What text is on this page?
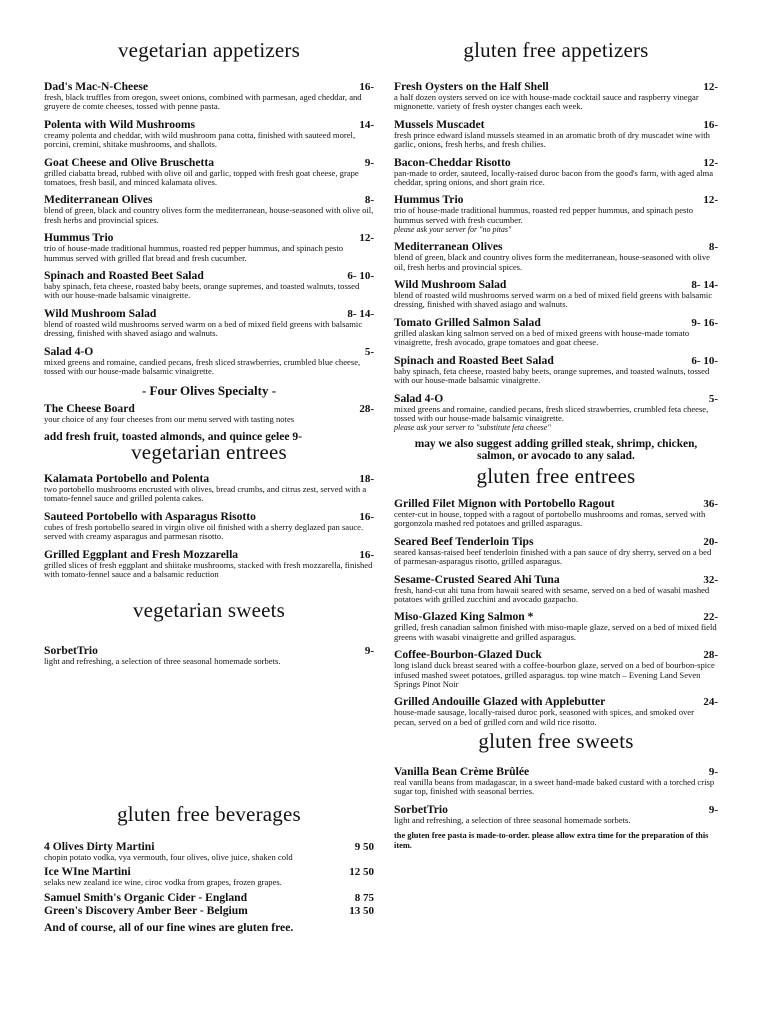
vegetarian appetizers
Dad's Mac-N-Cheese	16-
fresh, black truffles from oregon, sweet onions, combined with parmesan, aged cheddar, and gruyere de comte cheeses, tossed with penne pasta.
Polenta with Wild Mushrooms	14-
creamy polenta and cheddar, with wild mushroom pana cotta, finished with sauteed morel, porcini, cremini, shitake mushrooms, and shallots.
Goat Cheese and Olive Bruschetta	9-
grilled ciabatta bread, rubbed with olive oil and garlic, topped with fresh goat cheese, grape tomatoes, fresh basil, and minced kalamata olives.
Mediterranean Olives	8-
blend of green, black and country olives form the mediterranean, house-seasoned with olive oil, fresh herbs and provincial spices.
Hummus Trio	12-
trio of house-made traditional hummus, roasted red pepper hummus, and spinach pesto hummus served with grilled flat bread and fresh cucumber.
Spinach and Roasted Beet Salad	6- 10-
baby spinach, feta cheese, roasted baby beets, orange supremes, and toasted walnuts, tossed with our house-made balsamic vinaigrette.
Wild Mushroom Salad	8- 14-
blend of roasted wild mushrooms served warm on a bed of mixed field greens with balsamic dressing, finished with shaved asiago and walnuts.
Salad 4-O	5-
mixed greens and romaine, candied pecans, fresh sliced strawberries, crumbled blue cheese, tossed with our house-made balsamic vinaigrette.
- Four Olives Specialty -
The Cheese Board	28-
your choice of any four cheeses from our menu served with tasting notes
add fresh fruit, toasted almonds, and quince gelee 9-
vegetarian entrees
Kalamata Portobello and Polenta	18-
two portobello mushrooms encrusted with olives, bread crumbs, and citrus zest, served with a tomato-fennel sauce and grilled polenta cakes.
Sauteed Portobello with Asparagus Risotto	16-
cubes of fresh portobello seared in virgin olive oil finished with a sherry deglazed pan sauce. served with creamy asparagus and parmesan risotto.
Grilled Eggplant and Fresh Mozzarella	16-
grilled slices of fresh eggplant and shiitake mushrooms, stacked with fresh mozzarella, finished with tomato-fennel sauce and a balsamic reduction
vegetarian sweets
SorbetTrio	9-
light and refreshing, a selection of three seasonal homemade sorbets.
gluten free beverages
4 Olives Dirty Martini	9 50
chopin potato vodka, vya vermouth, four olives, olive juice, shaken cold
Ice WIne Martini	12 50
selaks new zealand ice wine, ciroc vodka from grapes, frozen grapes.
Samuel Smith's Organic Cider - England	8 75
Green's Discovery Amber Beer - Belgium	13 50
And of course, all of our fine wines are gluten free.
gluten free appetizers
Fresh Oysters on the Half Shell	12-
a half dozen oysters served on ice with house-made cocktail sauce and raspberry vinegar mignonette. variety of fresh oyster changes each week.
Mussels Muscadet	16-
fresh prince edward island mussels steamed in an aromatic broth of dry muscadet wine with garlic, onions, fresh herbs, and fresh chilies.
Bacon-Cheddar Risotto	12-
pan-made to order, sauteed, locally-raised duroc bacon from the good's farm, with aged alma cheddar, spring onions, and short grain rice.
Hummus Trio	12-
trio of house-made traditional hummus, roasted red pepper hummus, and spinach pesto hummus served with fresh cucumber.
please ask your server for "no pitas"
Mediterranean Olives	8-
blend of green, black and country olives form the mediterranean, house-seasoned with olive oil, fresh herbs and provincial spices.
Wild Mushroom Salad	8- 14-
blend of roasted wild mushrooms served warm on a bed of mixed field greens with balsamic dressing, finished with shaved asiago and walnuts.
Tomato Grilled Salmon Salad	9- 16-
grilled alaskan king salmon served on a bed of mixed greens with house-made tomato vinaigrette, fresh avocado, grape tomatoes and goat cheese.
Spinach and Roasted Beet Salad	6- 10-
baby spinach, feta cheese, roasted baby beets, orange supremes, and toasted walnuts, tossed with our house-made balsamic vinaigrette.
Salad 4-O	5-
mixed greens and romaine, candied pecans, fresh sliced strawberries, crumbled feta cheese, tossed with our house-made balsamic vinaigrette.
please ask your server to "substitute feta cheese"
may we also suggest adding grilled steak, shrimp, chicken, salmon, or avocado to any salad.
gluten free entrees
Grilled Filet Mignon with Portobello Ragout	36-
center-cut in house, topped with a ragout of portobello mushrooms and romas, served with gorgonzola mashed red potatoes and grilled asparagus.
Seared Beef Tenderloin Tips	20-
seared kansas-raised beef tenderloin finished with a pan sauce of dry sherry, served on a bed of parmesan-asparagus risotto, grilled asparagus.
Sesame-Crusted Seared Ahi Tuna	32-
fresh, hand-cut ahi tuna from hawaii seared with sesame, served on a bed of wasabi mashed potatoes with grilled zucchini and avocado gazpacho.
Miso-Glazed King Salmon *	22-
grilled, fresh canadian salmon finished with miso-maple glaze, served on a bed of mixed field greens with wasabi vinaigrette and grilled asparagus.
Coffee-Bourbon-Glazed Duck	28-
long island duck breast seared with a coffee-bourbon glaze, served on a bed of bourbon-spice infused mashed sweet potatoes, grilled asparagus. top wine match – Evening Land Seven Springs Pinot Noir
Grilled Andouille Glazed with Applebutter	24-
house-made sausage, locally-raised duroc pork, seasoned with spices, and smoked over pecan, served on a bed of grilled corn and wild rice risotto.
gluten free sweets
Vanilla Bean Crème Brûlée	9-
real vanilla beans from madagascar, in a sweet hand-made baked custard with a torched crisp sugar top, finished with seasonal berries.
SorbetTrio	9-
light and refreshing, a selection of three seasonal homemade sorbets.
the gluten free pasta is made-to-order. please allow extra time for the preparation of this item.
